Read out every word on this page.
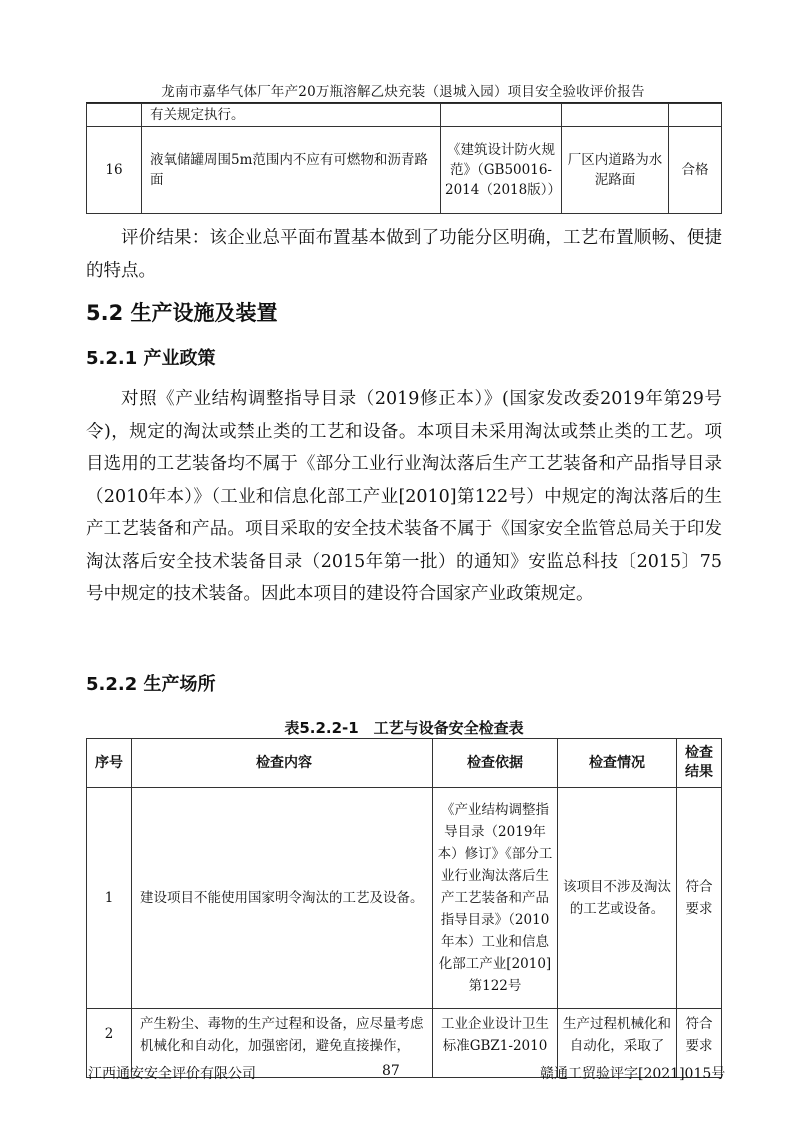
龙南市嘉华气体厂年产20万瓶溶解乙炔充装（退城入园）项目安全验收评价报告
	有关规定执行。			
16	液氧储罐周围5m范围内不应有可燃物和沥青路面	《建筑设计防火规范》（GB50016-2014（2018版））	厂区内道路为水泥路面	合格

评价结果：该企业总平面布置基本做到了功能分区明确，工艺布置顺畅、便捷的特点。

5.2 生产设施及装置
5.2.1 产业政策

对照《产业结构调整指导目录（2019修正本）》(国家发改委2019年第29号令)，规定的淘汰或禁止类的工艺和设备。本项目未采用淘汰或禁止类的工艺。项目选用的工艺装备均不属于《部分工业行业淘汰落后生产工艺装备和产品指导目录（2010年本）》（工业和信息化部工产业[2010]第122号）中规定的淘汰落后的生产工艺装备和产品。项目采取的安全技术装备不属于《国家安全监管总局关于印发淘汰落后安全技术装备目录（2015年第一批）的通知》安监总科技〔2015〕75号中规定的技术装备。因此本项目的建设符合国家产业政策规定。

5.2.2 生产场所
表5.2.2-1　工艺与设备安全检查表
序号	检查内容	检查依据	检查情况	检查结果
1	建设项目不能使用国家明令淘汰的工艺及设备。	《产业结构调整指导目录（2019年本）修订》《部分工业行业淘汰落后生产工艺装备和产品指导目录》（2010年本）工业和信息化部工产业[2010]第122号	该项目不涉及淘汰的工艺或设备。	符合要求

2	产生粉尘、毒物的生产过程和设备，应尽量考虑机械化和自动化，加强密闭，避免直接操作，	工业企业设计卫生标准GBZ1-2010	生产过程机械化和自动化，采取了	符合要求
江西通安安全评价有限公司	87	赣通工贸验评字[2021]015号
